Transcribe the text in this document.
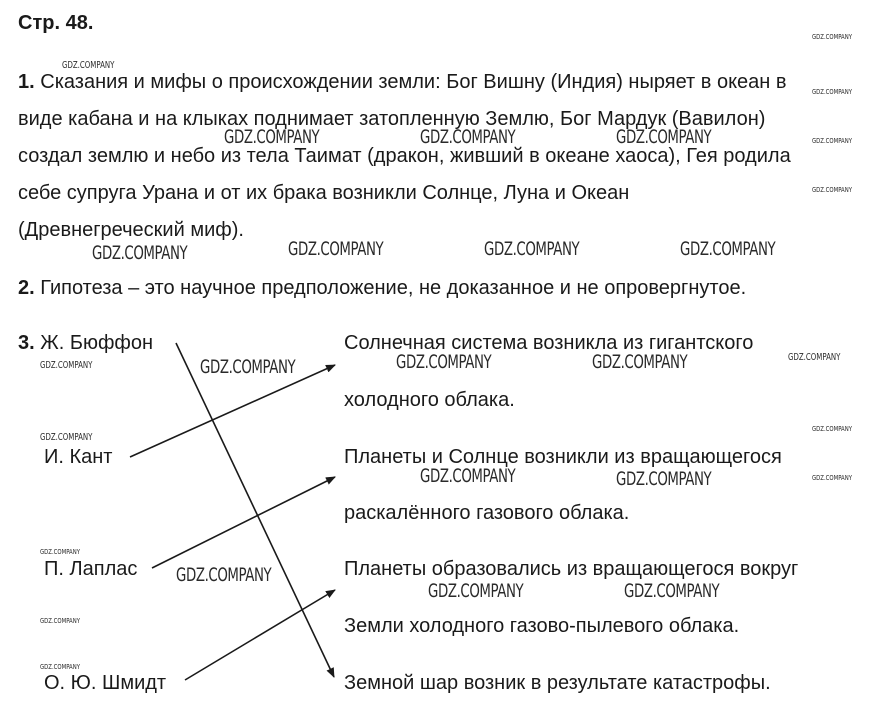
Стр. 48.
1. Сказания и мифы о происхождении земли: Бог Вишну (Индия) ныряет в океан в
виде кабана и на клыках поднимает затопленную Землю, Бог Мардук (Вавилон)
создал землю и небо из тела Таимат (дракон, живший в океане хаоса), Гея родила
себе супруга Урана и от их брака возникли Солнце, Луна и Океан
(Древнегреческий миф).
2. Гипотеза – это научное предположение, не доказанное и не опровергнутое.
3. Ж. Бюффон
И. Кант
П. Лаплас
О. Ю. Шмидт
Солнечная система возникла из гигантского
холодного облака.
Планеты и Солнце возникли из вращающегося
раскалённого газового облака.
Планеты образовались из вращающегося вокруг
Земли холодного газово-пылевого облака.
Земной шар возник в результате катастрофы.
GDZ.COMPANY
GDZ.COMPANY
GDZ.COMPANY
GDZ.COMPANY	GDZ.COMPANY	GDZ.COMPANY	GDZ.COMPANY
GDZ.COMPANY
GDZ.COMPANY	GDZ.COMPANY	GDZ.COMPANY	GDZ.COMPANY
GDZ.COMPANY	GDZ.COMPANY	GDZ.COMPANY	GDZ.COMPANY
GDZ.COMPANY
GDZ.COMPANY
GDZ.COMPANY
GDZ.COMPANY	GDZ.COMPANY	GDZ.COMPANY
GDZ.COMPANY
GDZ.COMPANY
GDZ.COMPANY	GDZ.COMPANY
GDZ.COMPANY
GDZ.COMPANY
